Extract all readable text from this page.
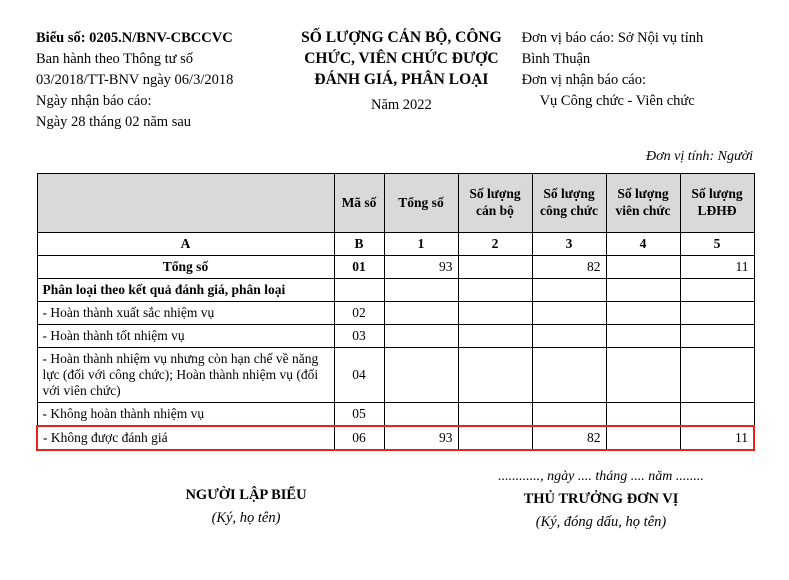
Biểu số: 0205.N/BNV-CBCCVC
Ban hành theo Thông tư số
03/2018/TT-BNV ngày 06/3/2018
Ngày nhận báo cáo:
Ngày 28 tháng 02 năm sau
SỐ LƯỢNG CÁN BỘ, CÔNG
CHỨC, VIÊN CHỨC ĐƯỢC
ĐÁNH GIÁ, PHÂN LOẠI
Năm 2022
Đơn vị báo cáo: Sở Nội vụ tỉnh
Bình Thuận
Đơn vị nhận báo cáo:
Vụ Công chức - Viên chức
Đơn vị tính: Người
	Mã số	Tổng số	Số lượng cán bộ	Số lượng công chức	Số lượng viên chức	Số lượng LĐHĐ
A	B	1	2	3	4	5
Tổng số	01	93		82		11
Phân loại theo kết quả đánh giá, phân loại						
- Hoàn thành xuất sắc nhiệm vụ	02					
- Hoàn thành tốt nhiệm vụ	03					
- Hoàn thành nhiệm vụ nhưng còn hạn chế về năng lực (đối với công chức); Hoàn thành nhiệm vụ (đối với viên chức)	04					
- Không hoàn thành nhiệm vụ	05					
- Không được đánh giá	06	93		82		11
NGƯỜI LẬP BIỂU
(Ký, họ tên)
............, ngày .... tháng .... năm ........
THỦ TRƯỞNG ĐƠN VỊ
(Ký, đóng dấu, họ tên)
